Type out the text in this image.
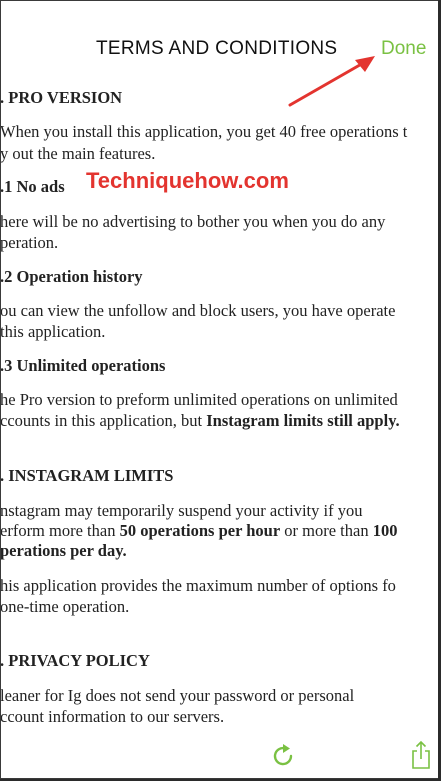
. PRO VERSION
When you install this application, you get 40 free operations t
y out the main features.
.1 No ads
here will be no advertising to bother you when you do any
peration.
.2 Operation history
ou can view the unfollow and block users, you have operate
this application.
.3 Unlimited operations
he Pro version to preform unlimited operations on unlimited
ccounts in this application, but Instagram limits still apply.
. INSTAGRAM LIMITS
nstagram may temporarily suspend your activity if you
erform more than 50 operations per hour or more than 100
perations per day.
his application provides the maximum number of options fo
one-time operation.
. PRIVACY POLICY
leaner for Ig does not send your password or personal
ccount information to our servers.
TERMS AND CONDITIONS Done
Techniquehow.com
